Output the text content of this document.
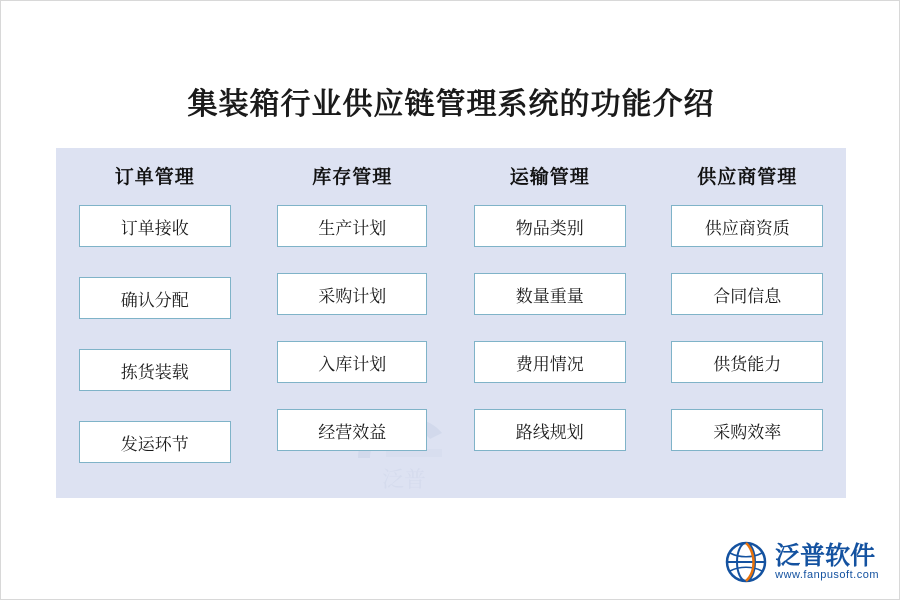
集装箱行业供应链管理系统的功能介绍
泛普
订单管理
订单接收
确认分配
拣货装载
发运环节
库存管理
生产计划
采购计划
入库计划
经营效益
运输管理
物品类别
数量重量
费用情况
路线规划
供应商管理
供应商资质
合同信息
供货能力
采购效率
泛普软件
www.fanpusoft.com
